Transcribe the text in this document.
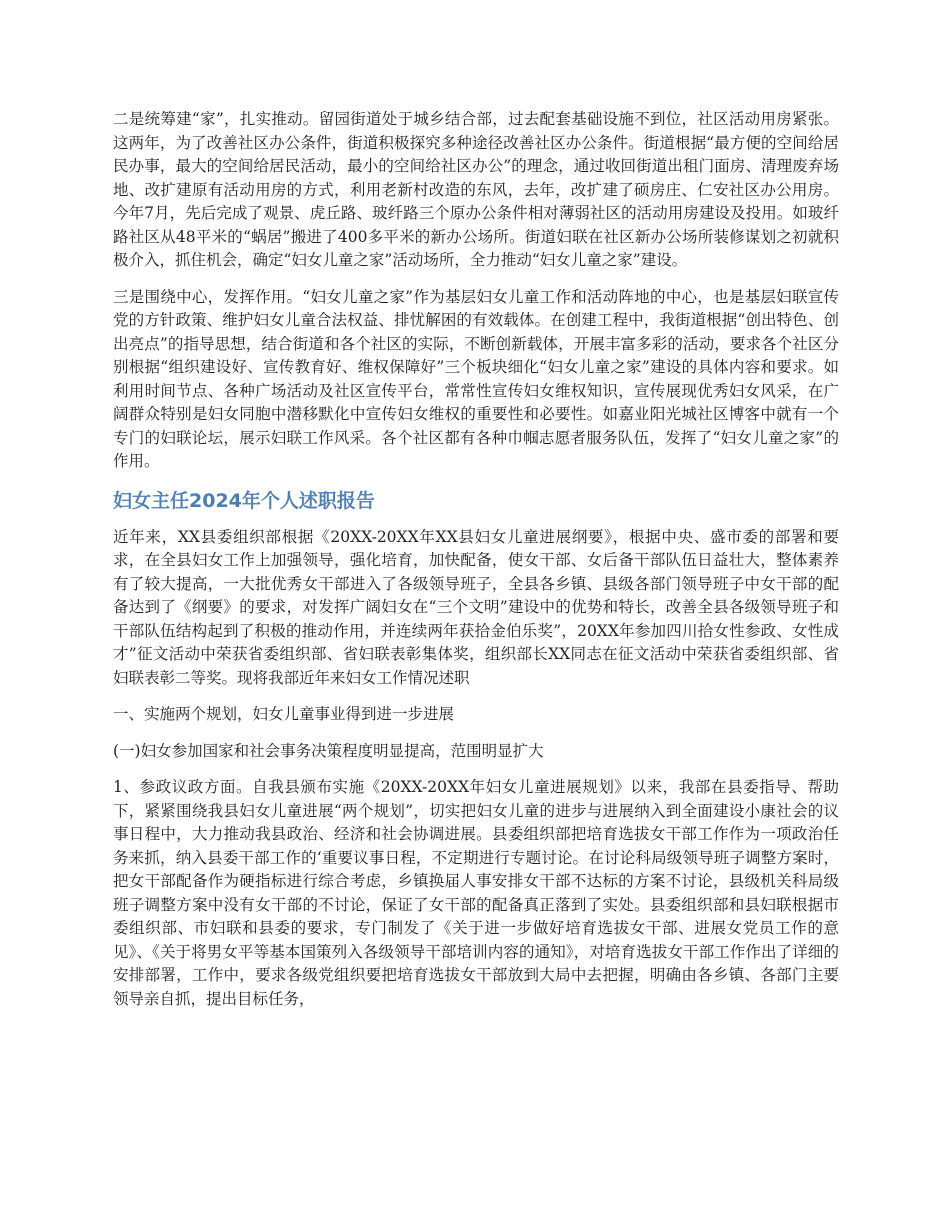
二是统筹建“家”，扎实推动。留园街道处于城乡结合部，过去配套基础设施不到位，社区活动用房紧张。这两年，为了改善社区办公条件，街道积极探究多种途径改善社区办公条件。街道根据“最方便的空间给居民办事，最大的空间给居民活动，最小的空间给社区办公”的理念，通过收回街道出租门面房、清理废弃场地、改扩建原有活动用房的方式，利用老新村改造的东风，去年，改扩建了硕房庄、仁安社区办公用房。今年7月，先后完成了观景、虎丘路、玻纤路三个原办公条件相对薄弱社区的活动用房建设及投用。如玻纤路社区从48平米的“蜗居”搬进了400多平米的新办公场所。街道妇联在社区新办公场所装修谋划之初就积极介入，抓住机会，确定“妇女儿童之家”活动场所，全力推动“妇女儿童之家”建设。

三是围绕中心，发挥作用。“妇女儿童之家”作为基层妇女儿童工作和活动阵地的中心，也是基层妇联宣传党的方针政策、维护妇女儿童合法权益、排忧解困的有效载体。在创建工程中，我街道根据“创出特色、创出亮点”的指导思想，结合街道和各个社区的实际，不断创新载体，开展丰富多彩的活动，要求各个社区分别根据“组织建设好、宣传教育好、维权保障好”三个板块细化“妇女儿童之家”建设的具体内容和要求。如利用时间节点、各种广场活动及社区宣传平台，常常性宣传妇女维权知识，宣传展现优秀妇女风采，在广阔群众特别是妇女同胞中潜移默化中宣传妇女维权的重要性和必要性。如嘉业阳光城社区博客中就有一个专门的妇联论坛，展示妇联工作风采。各个社区都有各种巾帼志愿者服务队伍，发挥了“妇女儿童之家”的作用。

妇女主任2024年个人述职报告

近年来，XX县委组织部根据《20XX-20XX年XX县妇女儿童进展纲要》，根据中央、盛市委的部署和要求，在全县妇女工作上加强领导，强化培育，加快配备，使女干部、女后备干部队伍日益壮大，整体素养有了较大提高，一大批优秀女干部进入了各级领导班子，全县各乡镇、县级各部门领导班子中女干部的配备达到了《纲要》的要求，对发挥广阔妇女在“三个文明”建设中的优势和特长，改善全县各级领导班子和干部队伍结构起到了积极的推动作用，并连续两年获拾金伯乐奖”，20XX年参加四川拾女性参政、女性成才”征文活动中荣获省委组织部、省妇联表彰集体奖，组织部长XX同志在征文活动中荣获省委组织部、省妇联表彰二等奖。现将我部近年来妇女工作情况述职

一、实施两个规划，妇女儿童事业得到进一步进展

(一)妇女参加国家和社会事务决策程度明显提高，范围明显扩大

1、参政议政方面。自我县颁布实施《20XX-20XX年妇女儿童进展规划》以来，我部在县委指导、帮助下，紧紧围绕我县妇女儿童进展“两个规划”，切实把妇女儿童的进步与进展纳入到全面建设小康社会的议事日程中，大力推动我县政治、经济和社会协调进展。县委组织部把培育选拔女干部工作作为一项政治任务来抓，纳入县委干部工作的‘重要议事日程，不定期进行专题讨论。在讨论科局级领导班子调整方案时，把女干部配备作为硬指标进行综合考虑，乡镇换届人事安排女干部不达标的方案不讨论，县级机关科局级班子调整方案中没有女干部的不讨论，保证了女干部的配备真正落到了实处。县委组织部和县妇联根据市委组织部、市妇联和县委的要求，专门制发了《关于进一步做好培育选拔女干部、进展女党员工作的意见》、《关于将男女平等基本国策列入各级领导干部培训内容的通知》，对培育选拔女干部工作作出了详细的安排部署，工作中，要求各级党组织要把培育选拔女干部放到大局中去把握，明确由各乡镇、各部门主要领导亲自抓，提出目标任务，
